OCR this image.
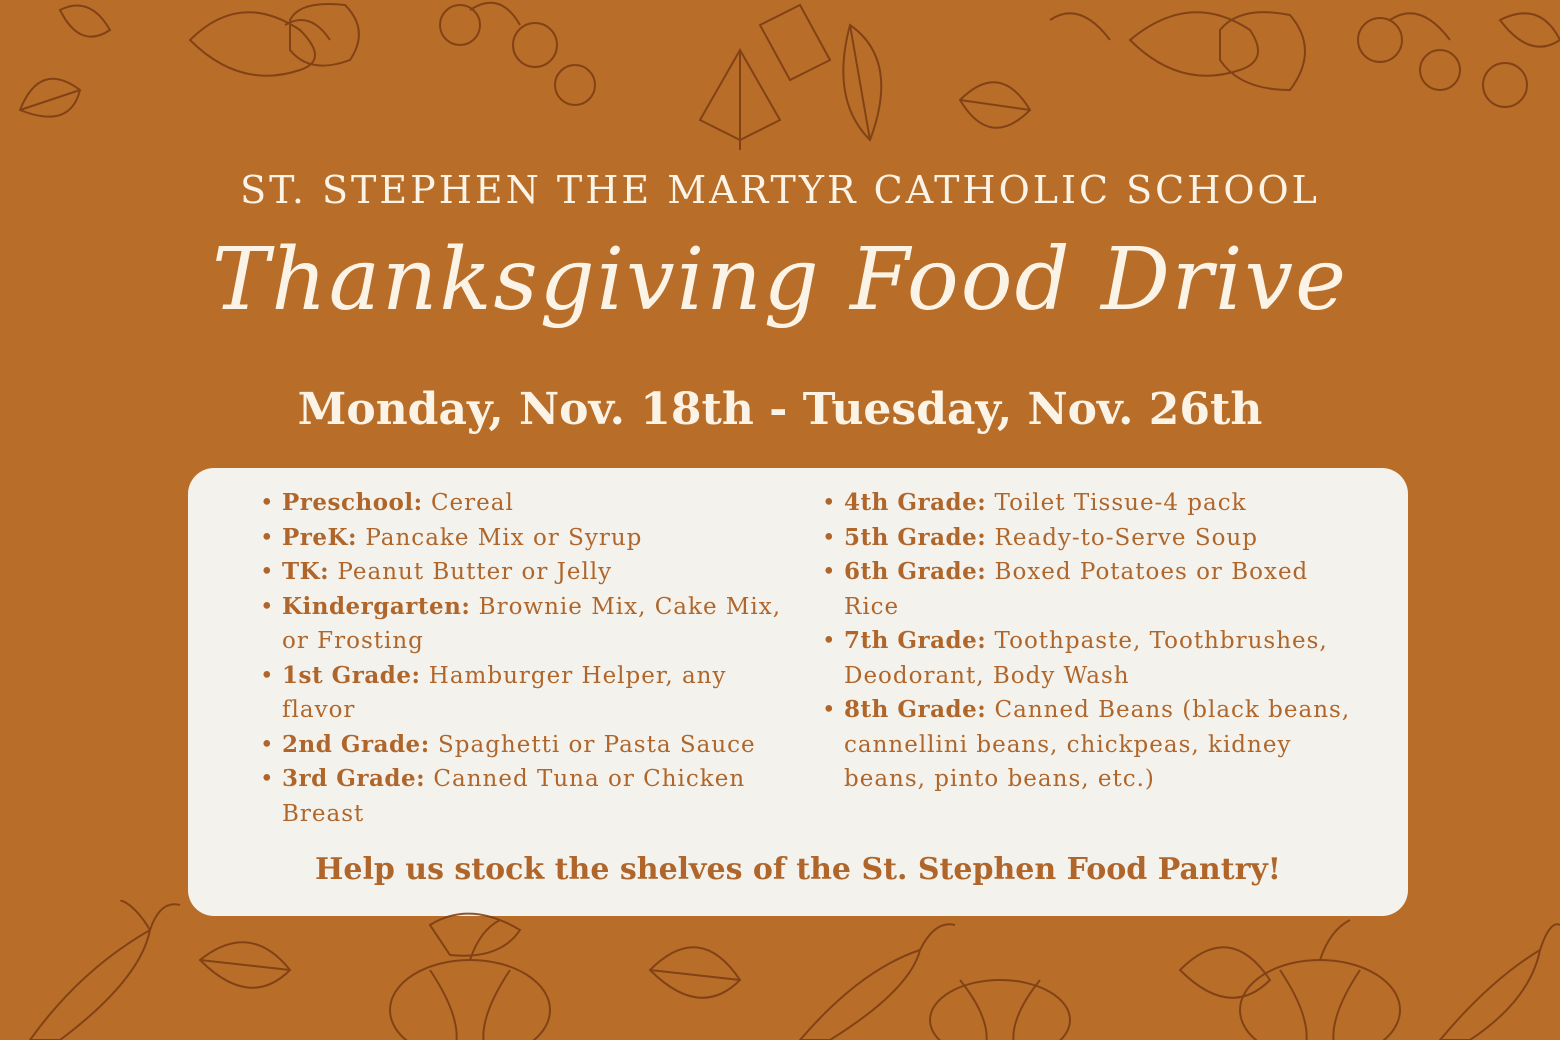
ST. STEPHEN THE MARTYR CATHOLIC SCHOOL
Thanksgiving Food Drive
Monday, Nov. 18th - Tuesday, Nov. 26th
• Preschool: Cereal
• PreK: Pancake Mix or Syrup
• TK: Peanut Butter or Jelly
• Kindergarten: Brownie Mix, Cake Mix, or Frosting
• 1st Grade: Hamburger Helper, any flavor
• 2nd Grade: Spaghetti or Pasta Sauce
• 3rd Grade: Canned Tuna or Chicken Breast
• 4th Grade: Toilet Tissue-4 pack
• 5th Grade: Ready-to-Serve Soup
• 6th Grade: Boxed Potatoes or Boxed Rice
• 7th Grade: Toothpaste, Toothbrushes, Deodorant, Body Wash
• 8th Grade: Canned Beans (black beans, cannellini beans, chickpeas, kidney beans, pinto beans, etc.)

Help us stock the shelves of the St. Stephen Food Pantry!
